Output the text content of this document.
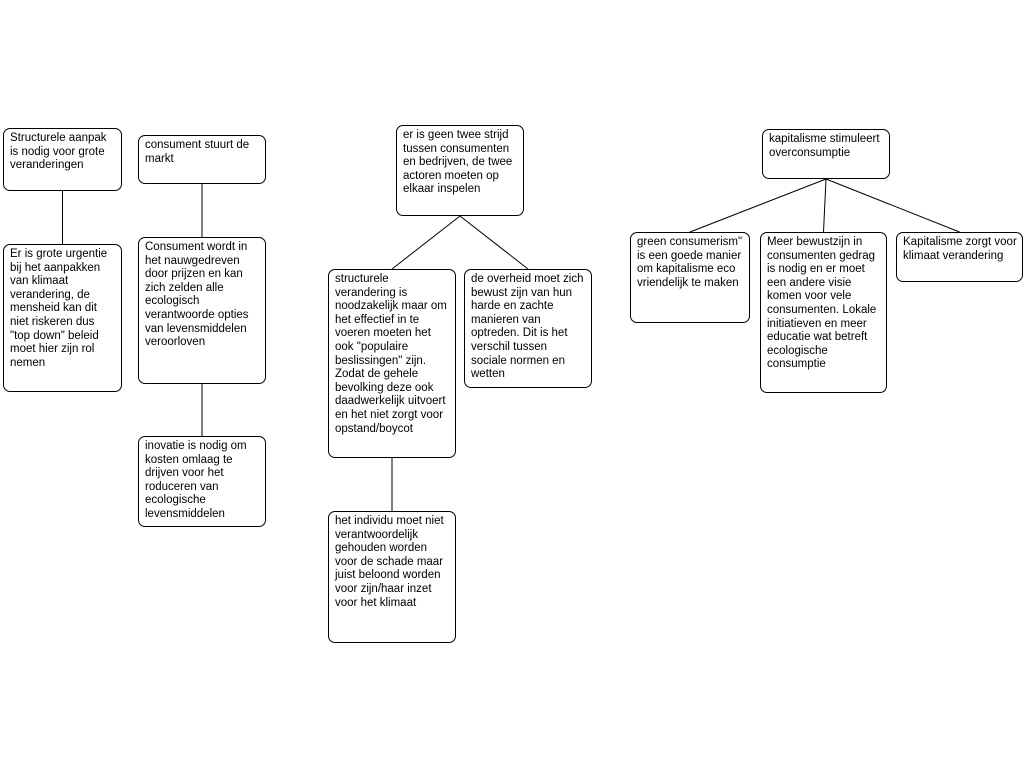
Structurele aanpak is nodig voor grote veranderingen
Er is grote urgentie bij het aanpakken van klimaat verandering, de mensheid kan dit niet riskeren dus "top down" beleid moet hier zijn rol nemen
consument stuurt de markt
Consument wordt in het nauwgedreven door prijzen en kan zich zelden alle ecologisch verantwoorde opties van levensmiddelen veroorloven
inovatie is nodig om kosten omlaag te drijven voor het roduceren van ecologische levensmiddelen
er is geen twee strijd tussen consumenten en bedrijven, de twee actoren moeten op elkaar inspelen
structurele verandering is noodzakelijk maar om het effectief in te voeren moeten het ook "populaire beslissingen" zijn. Zodat de gehele bevolking deze ook daadwerkelijk uitvoert en het niet zorgt voor opstand/boycot
de overheid moet zich bewust zijn van hun harde en zachte manieren van optreden. Dit is het verschil tussen sociale normen en wetten
het individu moet niet verantwoordelijk gehouden worden voor de schade maar juist beloond worden voor zijn/haar inzet voor het klimaat
kapitalisme stimuleert overconsumptie
green consumerism" is een goede manier om kapitalisme eco vriendelijk te maken
Meer bewustzijn in consumenten gedrag is nodig en er moet een andere visie komen voor vele consumenten. Lokale initiatieven en meer educatie wat betreft ecologische consumptie
Kapitalisme zorgt voor klimaat verandering
